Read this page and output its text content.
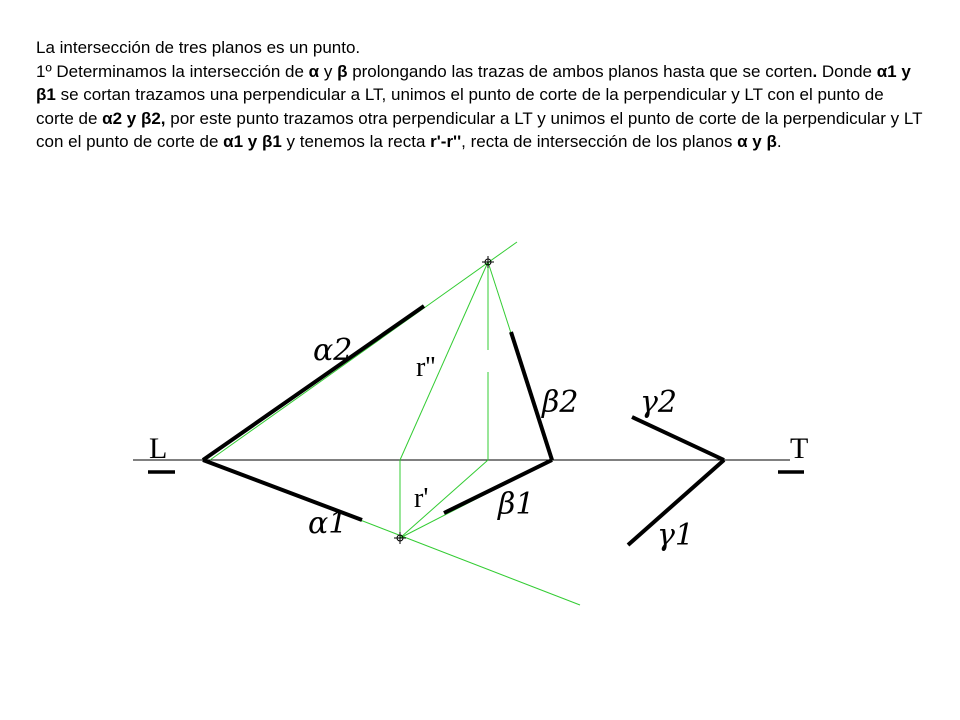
La intersección de tres planos es un punto.

1º Determinamos la intersección de α y β prolongando las trazas de ambos planos hasta que se corten. Donde α1 y β1 se cortan trazamos una perpendicular a LT, unimos el punto de corte de la perpendicular y LT con el punto de corte de α2 y β2, por este punto trazamos otra perpendicular a LT y unimos el punto de corte de la perpendicular y LT con el punto de corte de α1 y β1 y tenemos la recta r'-r'', recta de intersección de los planos α y β.

L	T
α2
α1
β2
β1
γ2
γ1
r''
r'
